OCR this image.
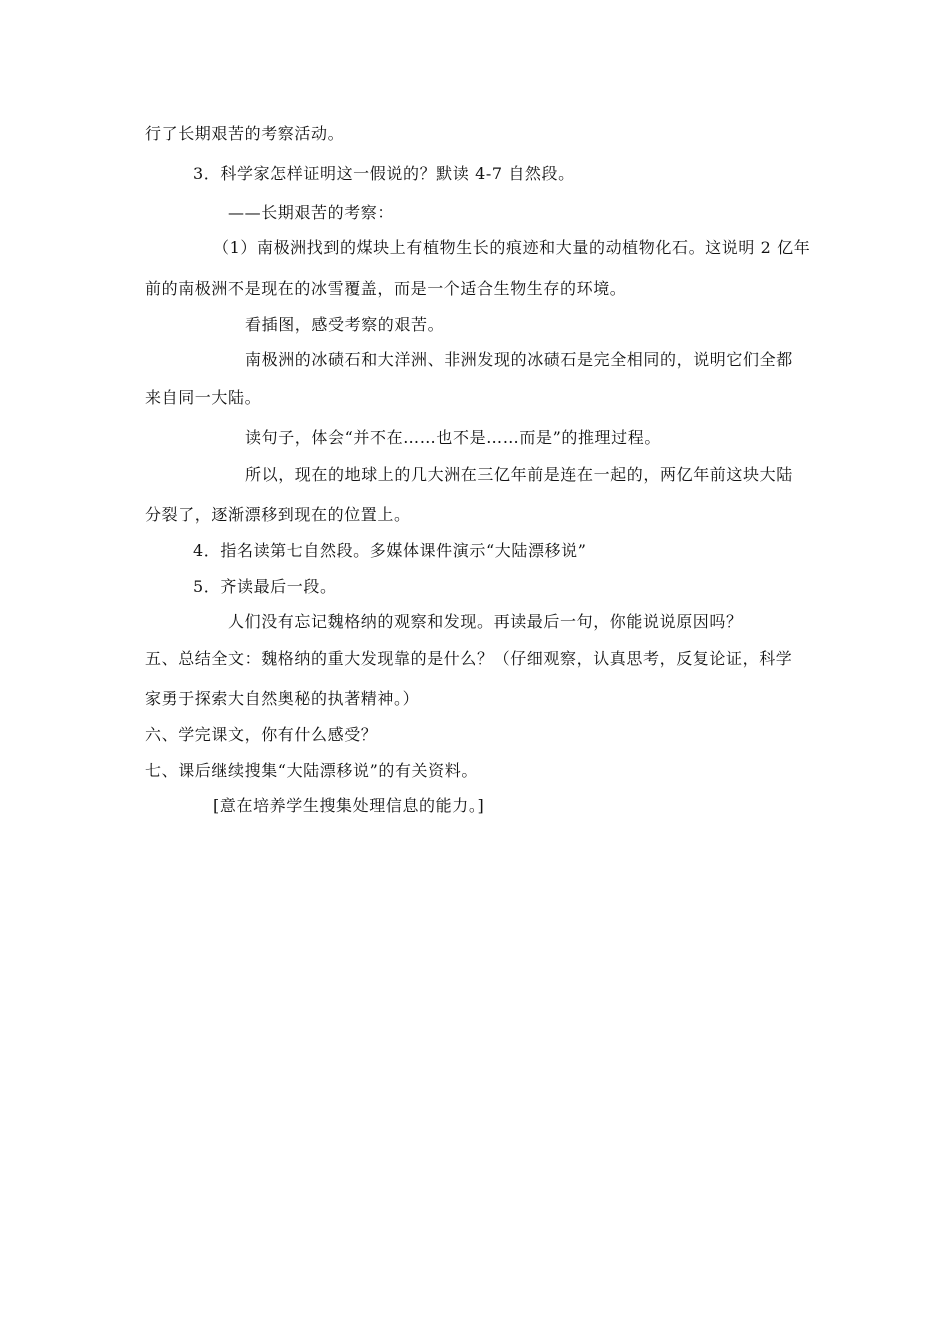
行了长期艰苦的考察活动。
3．科学家怎样证明这一假说的？默读 4-7 自然段。
——长期艰苦的考察：
（1）南极洲找到的煤块上有植物生长的痕迹和大量的动植物化石。这说明 2 亿年
前的南极洲不是现在的冰雪覆盖，而是一个适合生物生存的环境。
看插图，感受考察的艰苦。
南极洲的冰碛石和大洋洲、非洲发现的冰碛石是完全相同的，说明它们全都
来自同一大陆。
读句子，体会“并不在……也不是……而是”的推理过程。
所以，现在的地球上的几大洲在三亿年前是连在一起的，两亿年前这块大陆
分裂了，逐渐漂移到现在的位置上。
4．指名读第七自然段。多媒体课件演示“大陆漂移说”
5．齐读最后一段。
人们没有忘记魏格纳的观察和发现。再读最后一句，你能说说原因吗？
五、总结全文：魏格纳的重大发现靠的是什么？（仔细观察，认真思考，反复论证，科学
家勇于探索大自然奥秘的执著精神。）
六、学完课文，你有什么感受？
七、课后继续搜集“大陆漂移说”的有关资料。
[意在培养学生搜集处理信息的能力。]
